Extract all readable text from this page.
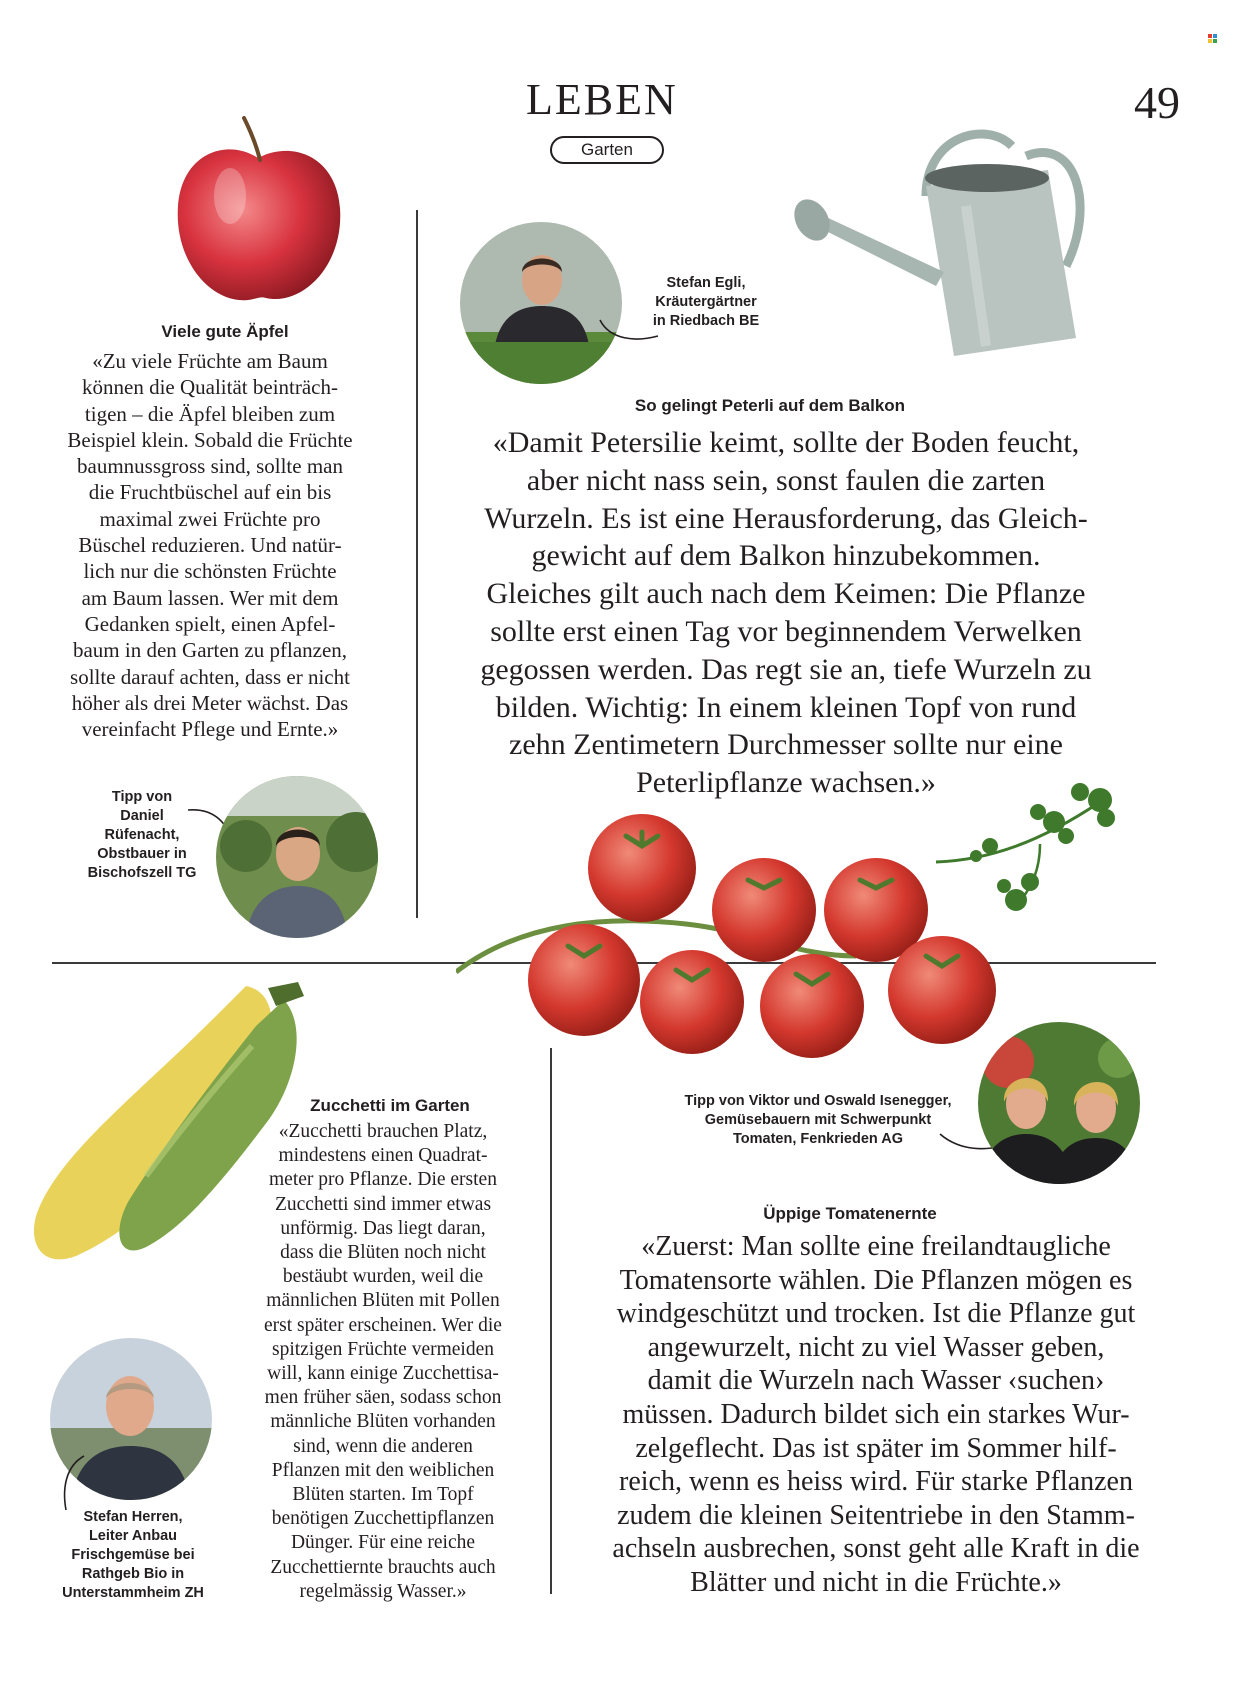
LEBEN
Garten
49
Viele gute Äpfel

«Zu viele Früchte am Baum

können die Qualität beinträch-

tigen – die Äpfel bleiben zum

Beispiel klein. Sobald die Früchte

baumnussgross sind, sollte man

die Fruchtbüschel auf ein bis

maximal zwei Früchte pro

Büschel reduzieren. Und natür-

lich nur die schönsten Früchte

am Baum lassen. Wer mit dem

Gedanken spielt, einen Apfel-

baum in den Garten zu pflanzen,

sollte darauf achten, dass er nicht

höher als drei Meter wächst. Das

vereinfacht Pflege und Ernte.»

Tipp von
Daniel
Rüfenacht,
Obstbauer in
Bischofszell TG
Stefan Egli,
Kräutergärtner
in Riedbach BE
So gelingt Peterli auf dem Balkon

«Damit Petersilie keimt, sollte der Boden feucht,

aber nicht nass sein, sonst faulen die zarten

Wurzeln. Es ist eine Herausforderung, das Gleich-

gewicht auf dem Balkon hinzubekommen.

Gleiches gilt auch nach dem Keimen: Die Pflanze

sollte erst einen Tag vor beginnendem Verwelken

gegossen werden. Das regt sie an, tiefe Wurzeln zu

bilden. Wichtig: In einem kleinen Topf von rund

zehn Zentimetern Durchmesser sollte nur eine

Peterlipflanze wachsen.»

Zucchetti im Garten

«Zucchetti brauchen Platz,

mindestens einen Quadrat-

meter pro Pflanze. Die ersten

Zucchetti sind immer etwas

unförmig. Das liegt daran,

dass die Blüten noch nicht

bestäubt wurden, weil die

männlichen Blüten mit Pollen

erst später erscheinen. Wer die

spitzigen Früchte vermeiden

will, kann einige Zucchettisa-

men früher säen, sodass schon

männliche Blüten vorhanden

sind, wenn die anderen

Pflanzen mit den weiblichen

Blüten starten. Im Topf

benötigen Zucchettipflanzen

Dünger. Für eine reiche

Zucchettiernte brauchts auch

regelmässig Wasser.»

Stefan Herren,
Leiter Anbau
Frischgemüse bei
Rathgeb Bio in
Unterstammheim ZH
Tipp von Viktor und Oswald Isenegger,
Gemüsebauern mit Schwerpunkt
Tomaten, Fenkrieden AG
Üppige Tomatenernte

«Zuerst: Man sollte eine freilandtaugliche

Tomatensorte wählen. Die Pflanzen mögen es

windgeschützt und trocken. Ist die Pflanze gut

angewurzelt, nicht zu viel Wasser geben,

damit die Wurzeln nach Wasser ‹suchen›

müssen. Dadurch bildet sich ein starkes Wur-

zelgeflecht. Das ist später im Sommer hilf-

reich, wenn es heiss wird. Für starke Pflanzen

zudem die kleinen Seitentriebe in den Stamm-

achseln ausbrechen, sonst geht alle Kraft in die

Blätter und nicht in die Früchte.»
